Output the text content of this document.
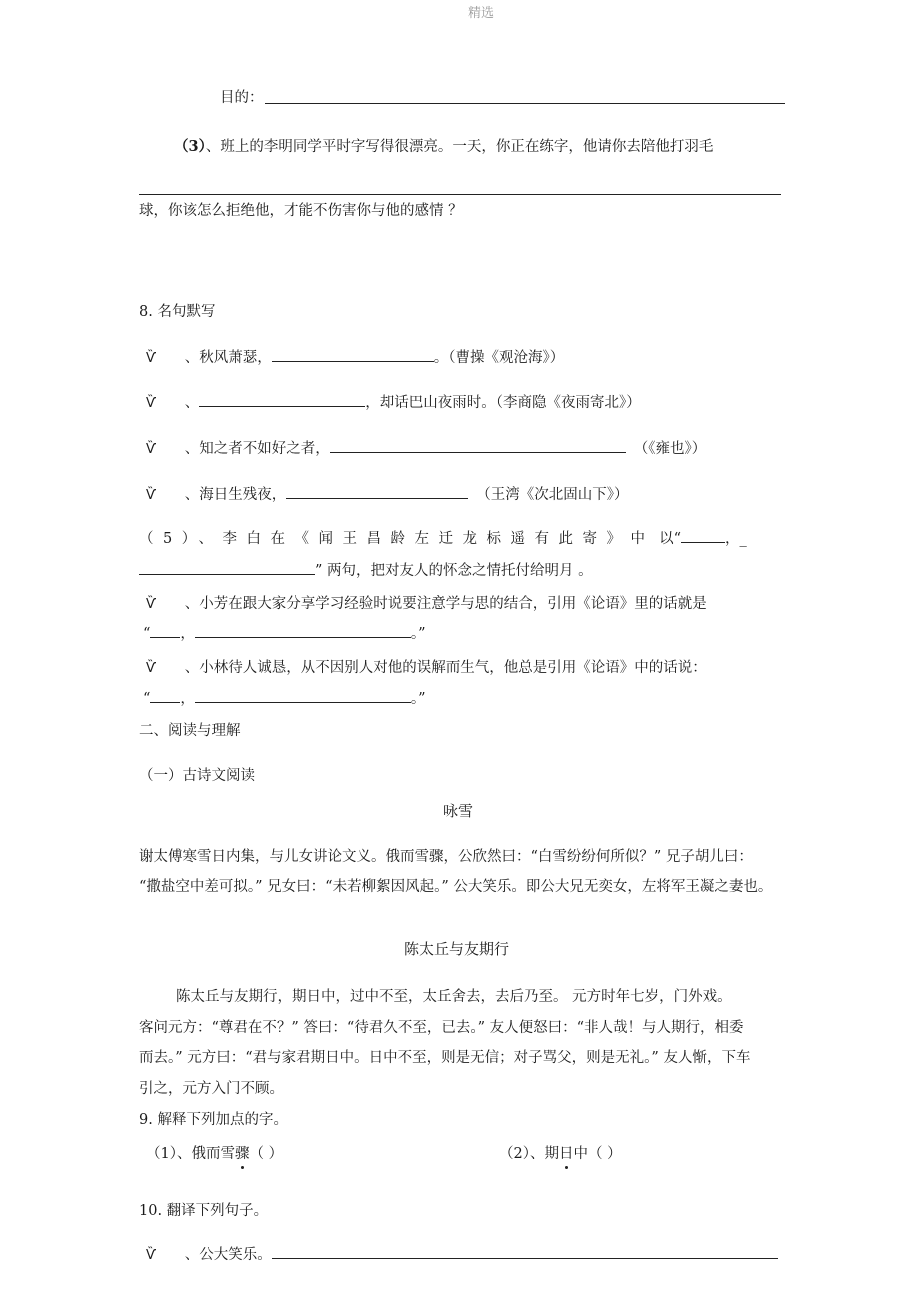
精选
目的：
（3）、班上的李明同学平时字写得很漂亮。一天，你正在练字，他请你去陪他打羽毛
球，你该怎么拒绝他，才能不伤害你与他的感情 ？
8. 名句默写
Ѷ 、秋风萧瑟，	。（曹操《观沧海》）
Ѷ 、	，却话巴山夜雨时。（李商隐《夜雨寄北》）
Ѷ 、知之者不如好之者，	（《雍也》）
Ѷ 、海日生残夜，	（王湾《次北固山下》）
（5）、李白在《闻王昌龄左迁龙标遥有此寄》中 以“	，_
” 两句，把对友人的怀念之情托付给明月 。
Ѷ 、小芳在跟大家分享学习经验时说要注意学与思的结合，引用《论语》里的话就是
“ ，	。”
Ѷ 、小林待人诚恳，从不因别人对他的误解而生气，他总是引用《论语》中的话说：
“ ，	。”
二、阅读与理解
（一）古诗文阅读
咏雪
谢太傅寒雪日内集，与儿女讲论文义。俄而雪骤，公欣然曰：“白雪纷纷何所似？” 兄子胡儿曰：
“撒盐空中差可拟。” 兄女曰：“未若柳絮因风起。” 公大笑乐。即公大兄无奕女，左将军王凝之妻也。
陈太丘与友期行
陈太丘与友期行，期日中，过中不至，太丘舍去，去后乃至。 元方时年七岁，门外戏。
客问元方：“尊君在不？” 答曰：“待君久不至，已去。” 友人便怒曰：“非人哉！与人期行，相委
而去。” 元方曰：“君与家君期日中。日中不至，则是无信；对子骂父，则是无礼。” 友人惭，下车
引之，元方入门不顾。
9. 解释下列加点的字。
（1）、俄而雪骤（ ）	（2）、期日中（ ）
10. 翻译下列句子。
Ѷ 、公大笑乐。
